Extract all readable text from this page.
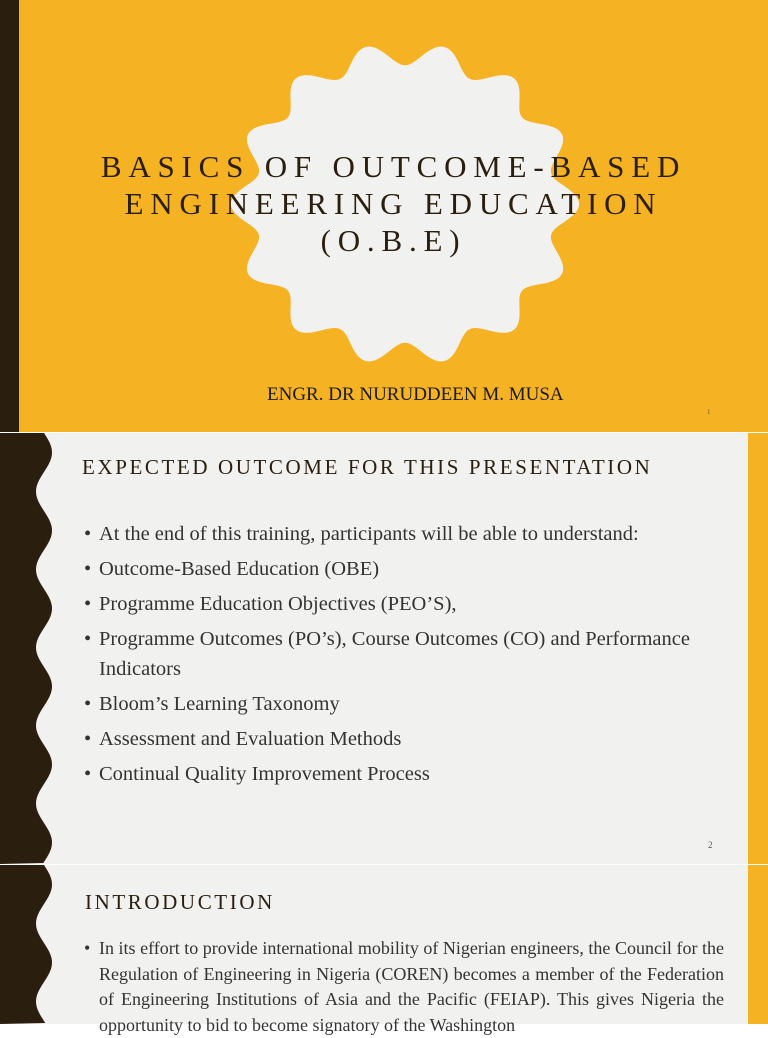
BASICS OF OUTCOME-BASED
ENGINEERING EDUCATION
(O.B.E)
ENGR. DR NURUDDEEN M. MUSA
1
EXPECTED OUTCOME FOR THIS PRESENTATION
• At the end of this training, participants will be able to understand:
• Outcome-Based Education (OBE)
• Programme Education Objectives (PEO’S),
• Programme Outcomes (PO’s), Course Outcomes (CO) and Performance Indicators
• Bloom’s Learning Taxonomy
• Assessment and Evaluation Methods
• Continual Quality Improvement Process
2
INTRODUCTION
• In its effort to provide international mobility of Nigerian engineers, the Council for the Regulation of Engineering in Nigeria (COREN) becomes a member of the Federation of Engineering Institutions of Asia and the Pacific (FEIAP). This gives Nigeria the opportunity to bid to become signatory of the Washington
